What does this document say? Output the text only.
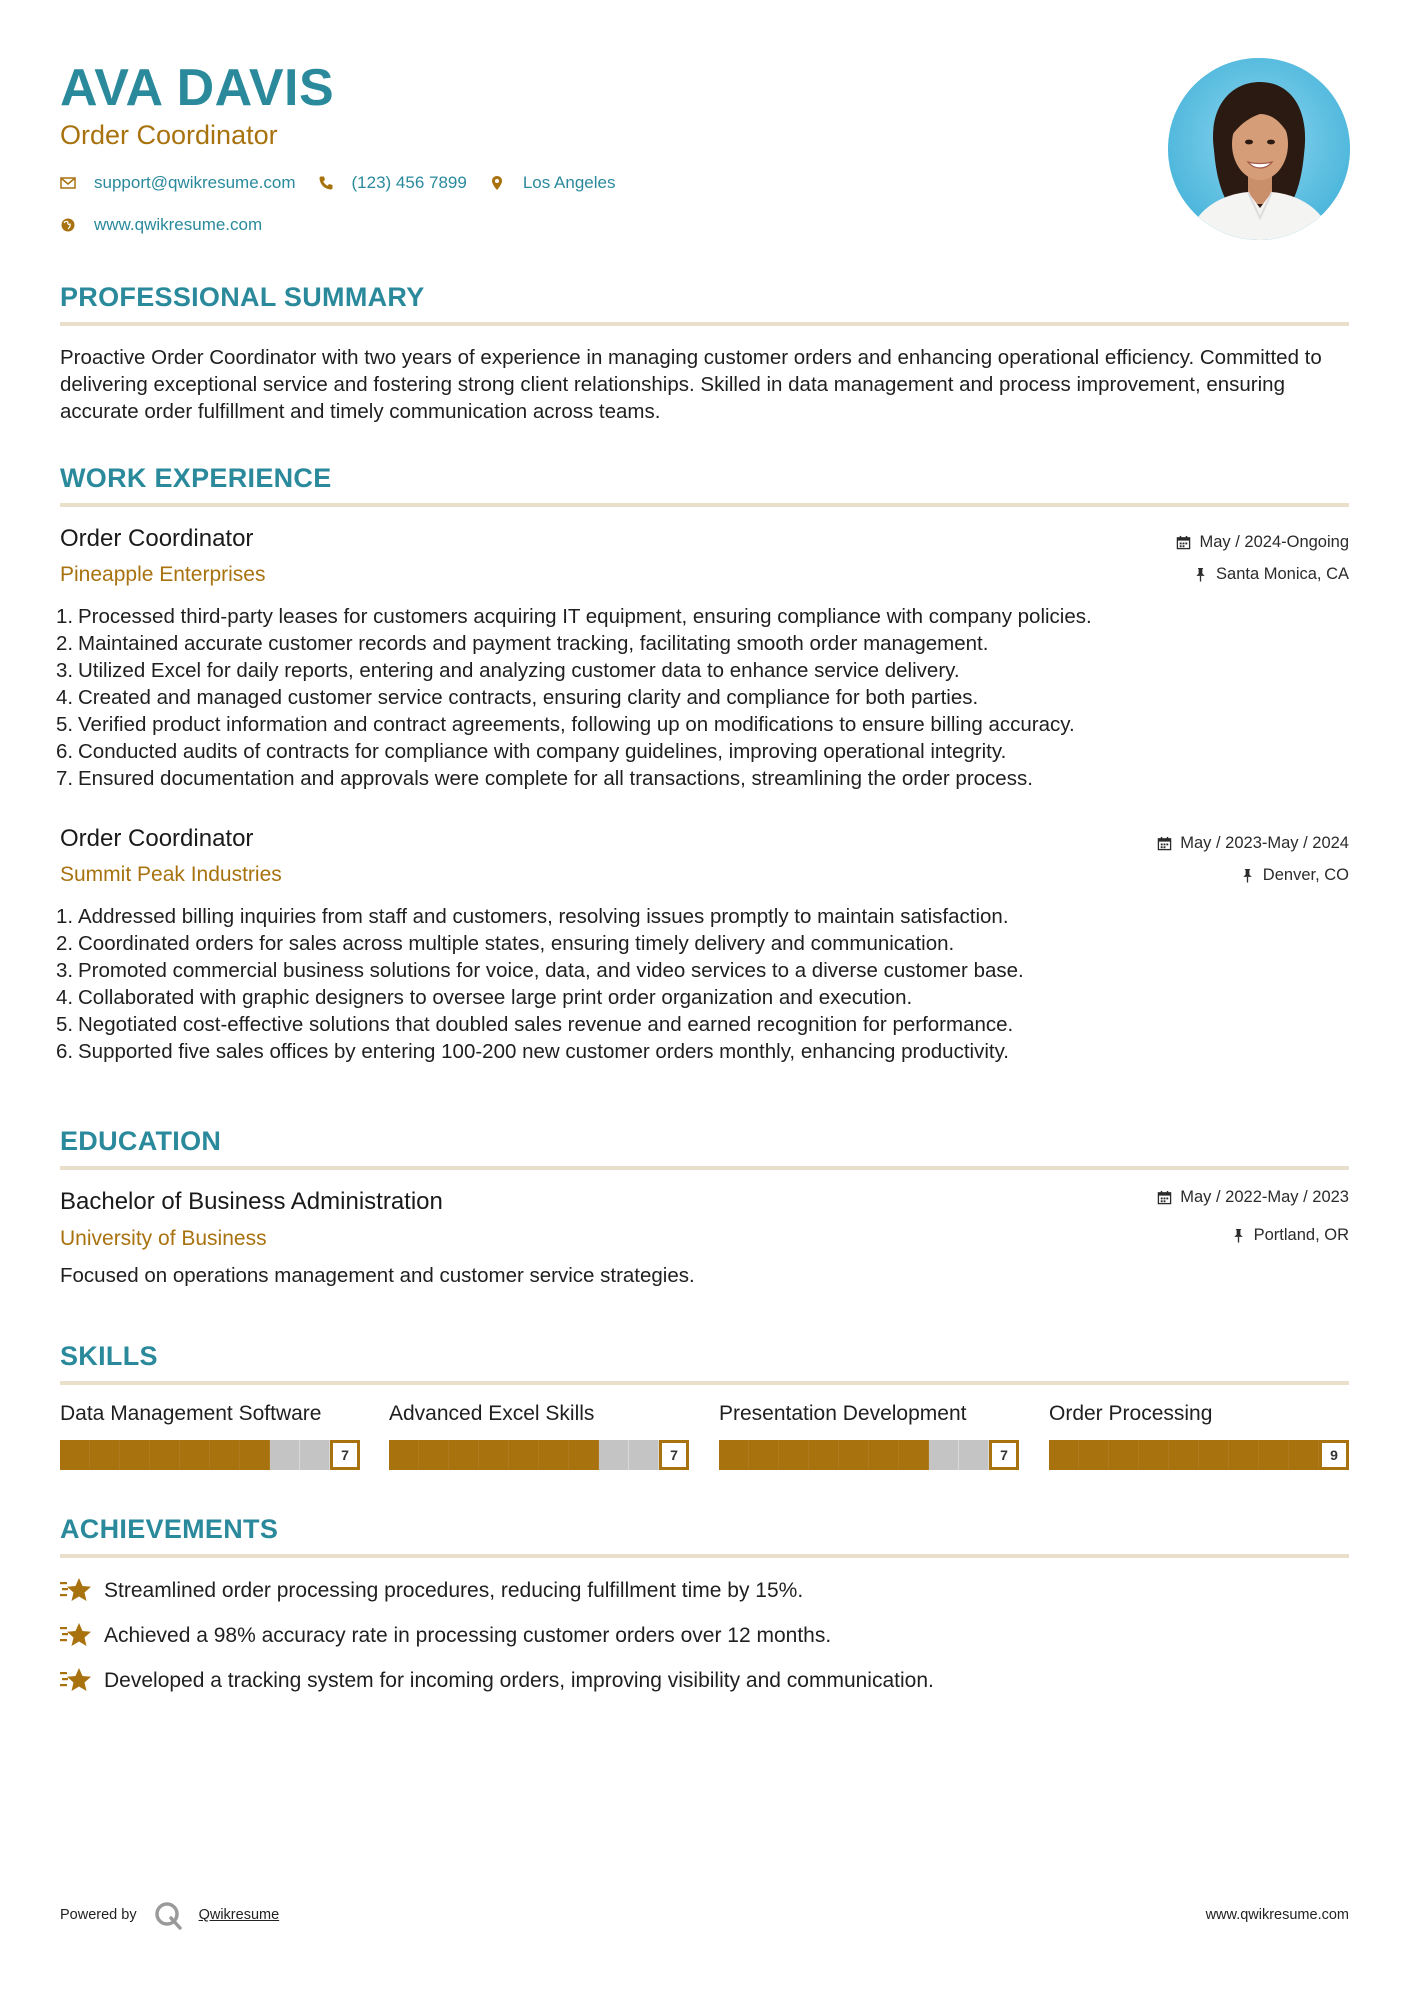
AVA DAVIS
Order Coordinator
support@qwikresume.com	(123) 456 7899	Los Angeles
www.qwikresume.com
PROFESSIONAL SUMMARY
Proactive Order Coordinator with two years of experience in managing customer orders and enhancing operational efficiency. Committed to delivering exceptional service and fostering strong client relationships. Skilled in data management and process improvement, ensuring accurate order fulfillment and timely communication across teams.
WORK EXPERIENCE
Order Coordinator
Pineapple Enterprises
May / 2024-Ongoing
Santa Monica, CA
1. Processed third-party leases for customers acquiring IT equipment, ensuring compliance with company policies.
2. Maintained accurate customer records and payment tracking, facilitating smooth order management.
3. Utilized Excel for daily reports, entering and analyzing customer data to enhance service delivery.
4. Created and managed customer service contracts, ensuring clarity and compliance for both parties.
5. Verified product information and contract agreements, following up on modifications to ensure billing accuracy.
6. Conducted audits of contracts for compliance with company guidelines, improving operational integrity.
7. Ensured documentation and approvals were complete for all transactions, streamlining the order process.
Order Coordinator
Summit Peak Industries
May / 2023-May / 2024
Denver, CO
1. Addressed billing inquiries from staff and customers, resolving issues promptly to maintain satisfaction.
2. Coordinated orders for sales across multiple states, ensuring timely delivery and communication.
3. Promoted commercial business solutions for voice, data, and video services to a diverse customer base.
4. Collaborated with graphic designers to oversee large print order organization and execution.
5. Negotiated cost-effective solutions that doubled sales revenue and earned recognition for performance.
6. Supported five sales offices by entering 100-200 new customer orders monthly, enhancing productivity.
EDUCATION
Bachelor of Business Administration
University of Business
May / 2022-May / 2023
Portland, OR
Focused on operations management and customer service strategies.
SKILLS
Data Management Software
7
Advanced Excel Skills
7
Presentation Development
7
Order Processing
9
ACHIEVEMENTS
Streamlined order processing procedures, reducing fulfillment time by 15%.
Achieved a 98% accuracy rate in processing customer orders over 12 months.
Developed a tracking system for incoming orders, improving visibility and communication.
Powered by	Qwikresume	www.qwikresume.com
